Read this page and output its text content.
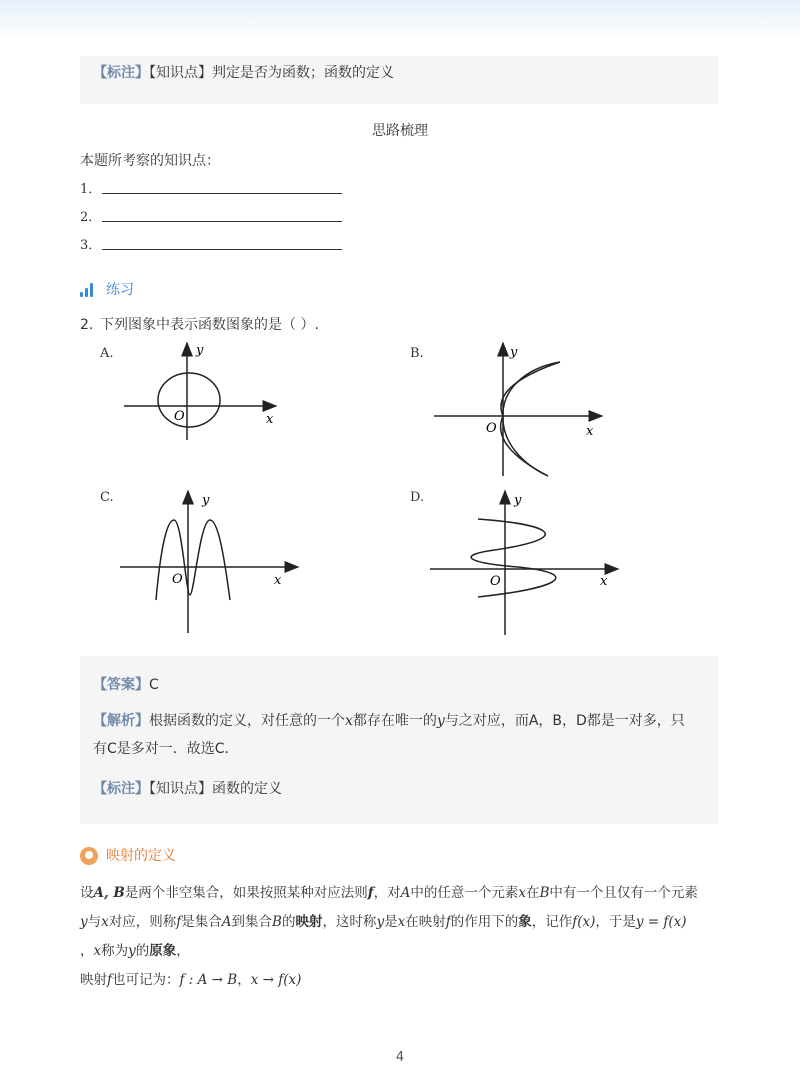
【标注】【知识点】判定是否为函数；函数的定义
思路梳理
本题所考察的知识点：
1．
2．
3．
练习
2. 下列图象中表示函数图象的是（ ）.
A.	B.
C.	D.
y
x
O
y
x
O
y
x
O
y
x
O
【答案】C
【解析】根据函数的定义，对任意的一个x都存在唯一的y与之对应，而A，B，D都是一对多，只
有C是多对一．故选C．
【标注】【知识点】函数的定义
映射的定义
设A, B是两个非空集合，如果按照某种对应法则f，对A中的任意一个元素x在B中有一个且仅有一个元素
y与x对应，则称f是集合A到集合B的映射，这时称y是x在映射f的作用下的象，记作f(x)，于是y = f(x)
，x称为y的原象，
映射f也可记为：f : A → B，x → f(x)
4
